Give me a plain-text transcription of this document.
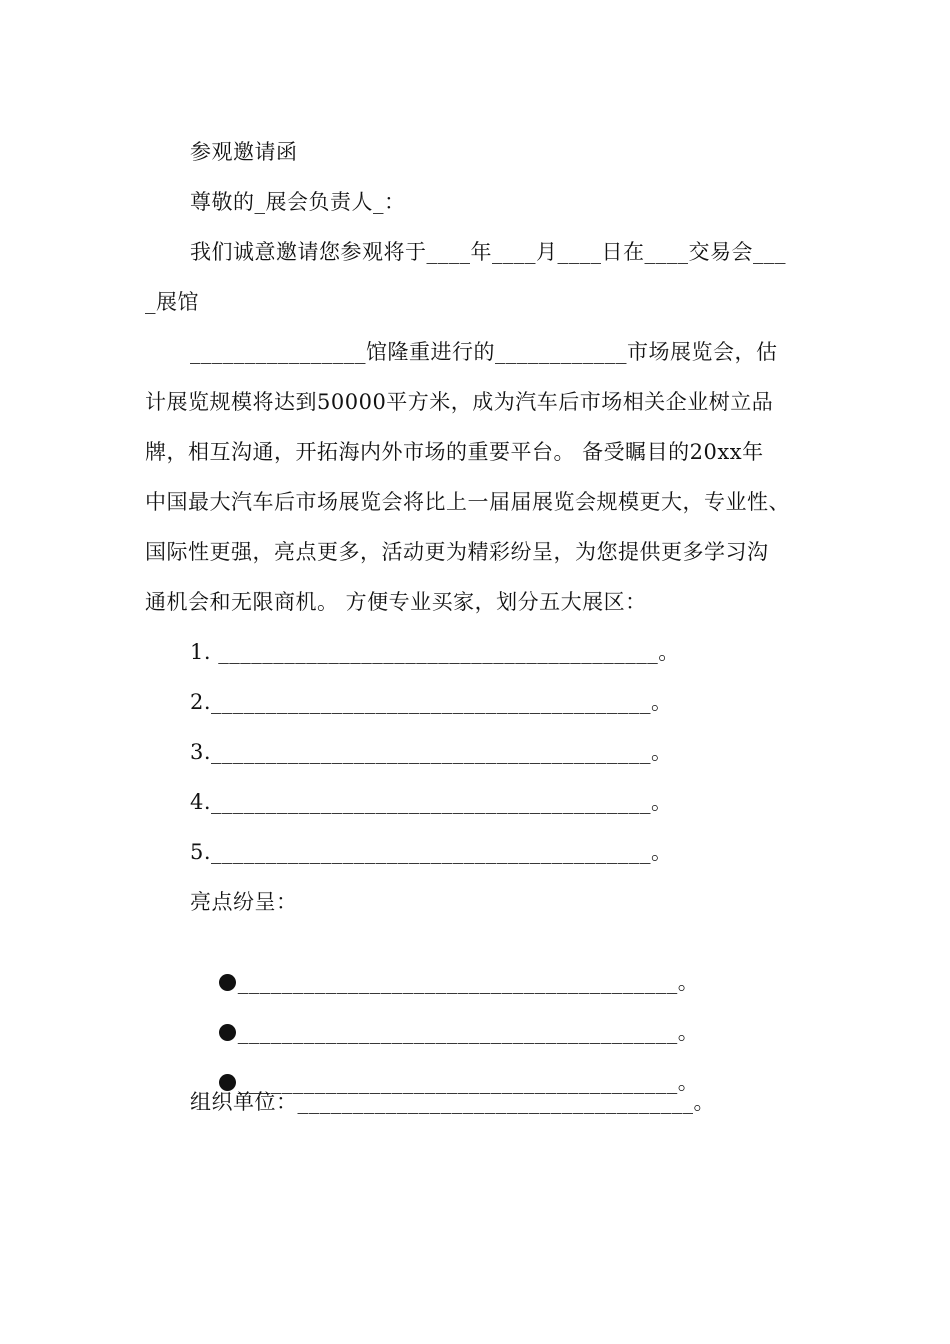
参观邀请函
尊敬的_展会负责人_：
我们诚意邀请您参观将于____年____月____日在____交易会___
_展馆
________________馆隆重进行的____________市场展览会，估
计展览规模将达到50000平方米，成为汽车后市场相关企业树立品
牌，相互沟通，开拓海内外市场的重要平台。 备受瞩目的20xx年
中国最大汽车后市场展览会将比上一届届展览会规模更大，专业性、
国际性更强，亮点更多，活动更为精彩纷呈，为您提供更多学习沟
通机会和无限商机。 方便专业买家，划分五大展区：
1. ________________________________________。
2.________________________________________。
3.________________________________________。
4.________________________________________。
5.________________________________________。
亮点纷呈：

________________________________________。

________________________________________。

________________________________________。

组织单位：____________________________________。
